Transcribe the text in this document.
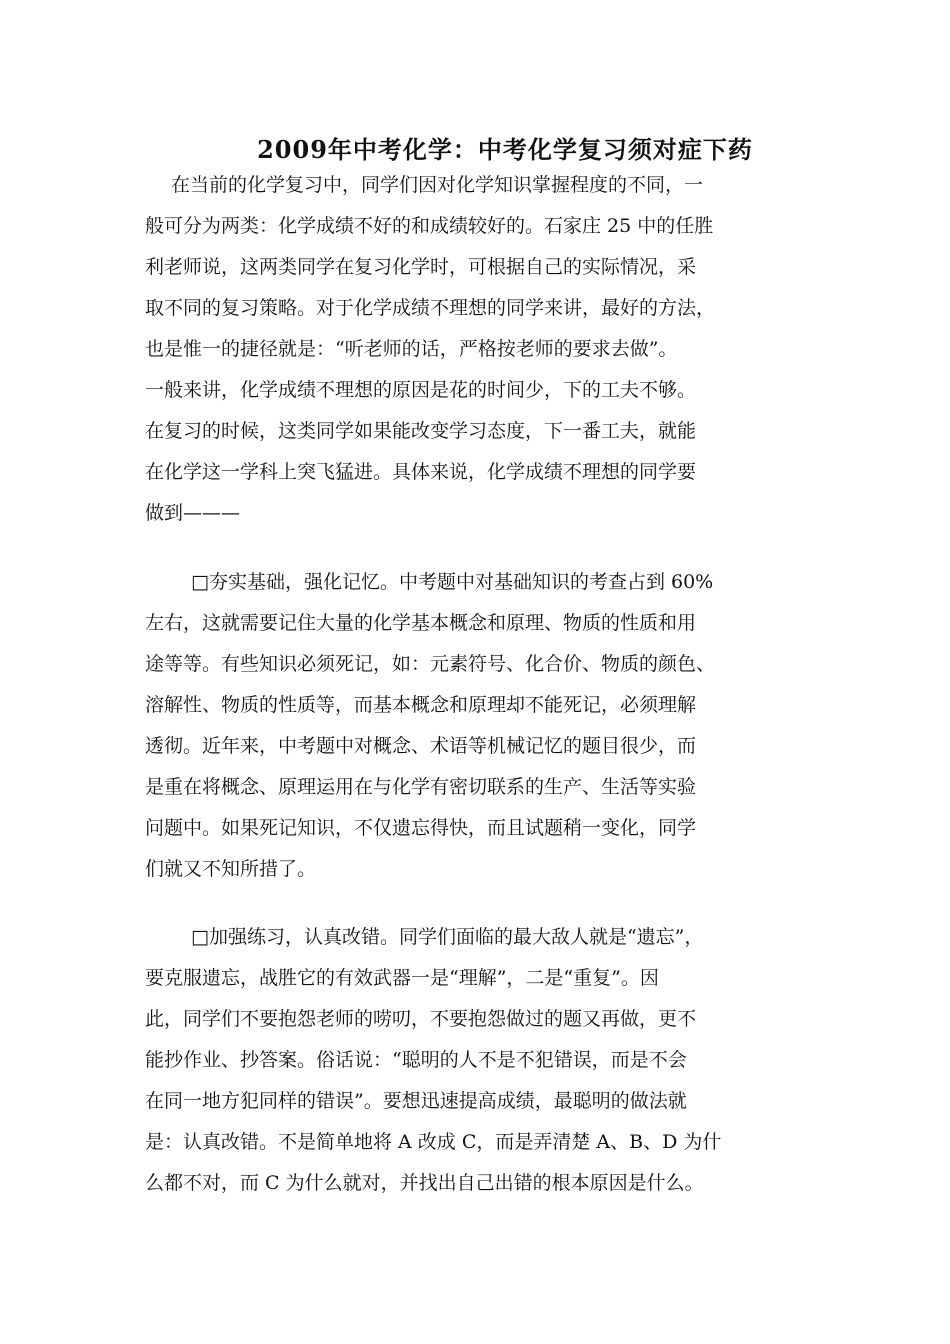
2009年中考化学：中考化学复习须对症下药
在当前的化学复习中，同学们因对化学知识掌握程度的不同，一
般可分为两类：化学成绩不好的和成绩较好的。石家庄 25 中的任胜
利老师说，这两类同学在复习化学时，可根据自己的实际情况，采
取不同的复习策略。对于化学成绩不理想的同学来讲，最好的方法，
也是惟一的捷径就是：“听老师的话，严格按老师的要求去做”。
一般来讲，化学成绩不理想的原因是花的时间少，下的工夫不够。
在复习的时候，这类同学如果能改变学习态度，下一番工夫，就能
在化学这一学科上突飞猛进。具体来说，化学成绩不理想的同学要
做到———
□夯实基础，强化记忆。中考题中对基础知识的考查占到 60%
左右，这就需要记住大量的化学基本概念和原理、物质的性质和用
途等等。有些知识必须死记，如：元素符号、化合价、物质的颜色、
溶解性、物质的性质等，而基本概念和原理却不能死记，必须理解
透彻。近年来，中考题中对概念、术语等机械记忆的题目很少，而
是重在将概念、原理运用在与化学有密切联系的生产、生活等实验
问题中。如果死记知识，不仅遗忘得快，而且试题稍一变化，同学
们就又不知所措了。
□加强练习，认真改错。同学们面临的最大敌人就是“遗忘”，
要克服遗忘，战胜它的有效武器一是“理解”，二是“重复”。因
此，同学们不要抱怨老师的唠叨，不要抱怨做过的题又再做，更不
能抄作业、抄答案。俗话说：“聪明的人不是不犯错误，而是不会
在同一地方犯同样的错误”。要想迅速提高成绩，最聪明的做法就
是：认真改错。不是简单地将 A 改成 C，而是弄清楚 A、B、D 为什
么都不对，而 C 为什么就对，并找出自己出错的根本原因是什么。
